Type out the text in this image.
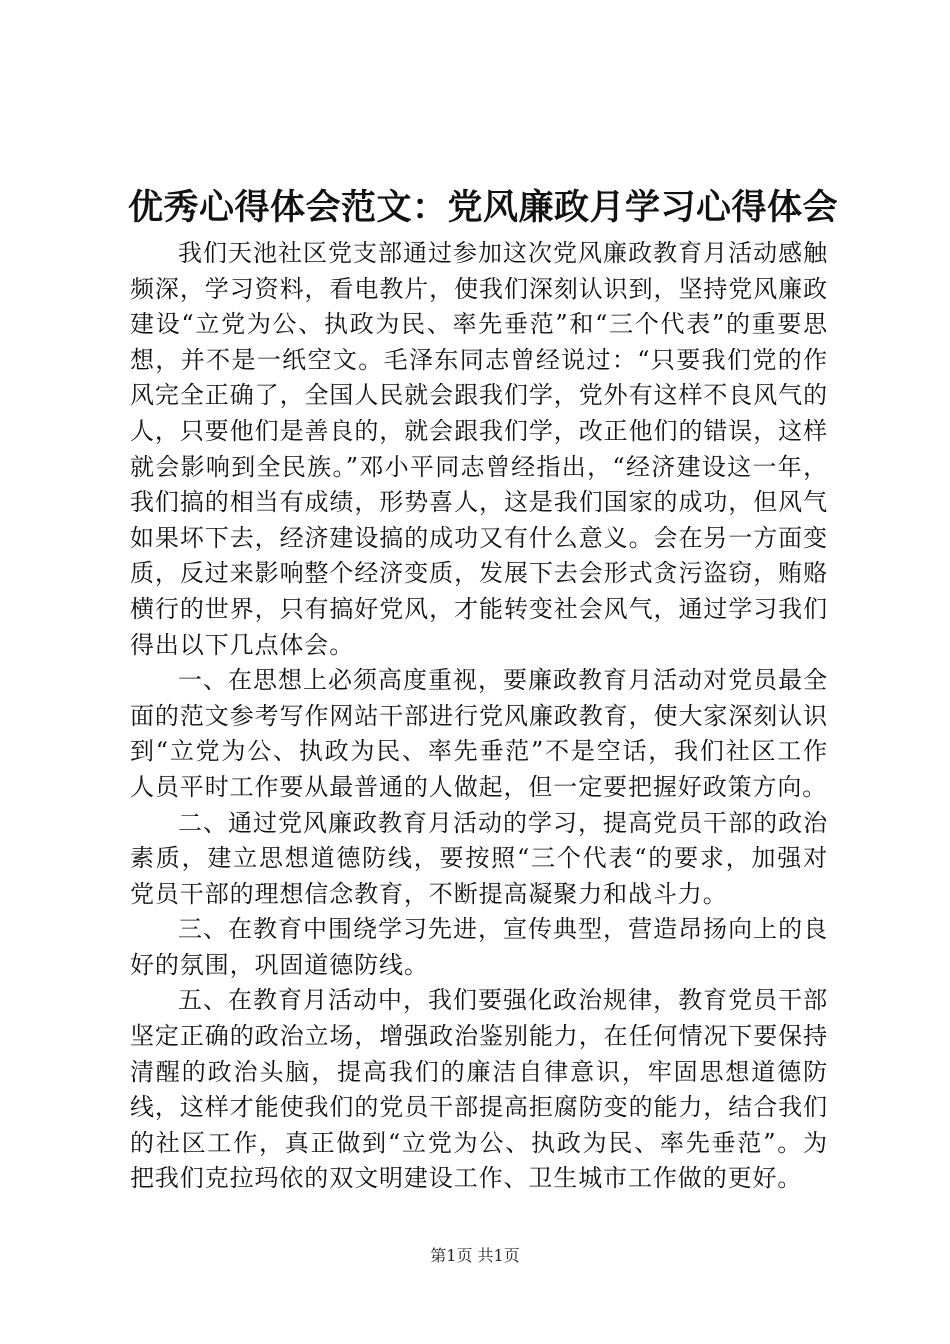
优秀心得体会范文：党风廉政月学习心得体会

我们天池社区党支部通过参加这次党风廉政教育月活动感触频深，学习资料，看电教片，使我们深刻认识到，坚持党风廉政建设“立党为公、执政为民、率先垂范”和“三个代表”的重要思想，并不是一纸空文。毛泽东同志曾经说过：“只要我们党的作风完全正确了，全国人民就会跟我们学，党外有这样不良风气的人，只要他们是善良的，就会跟我们学，改正他们的错误，这样就会影响到全民族。”邓小平同志曾经指出，“经济建设这一年，我们搞的相当有成绩，形势喜人，这是我们国家的成功，但风气如果坏下去，经济建设搞的成功又有什么意义。会在另一方面变质，反过来影响整个经济变质，发展下去会形式贪污盗窃，贿赂横行的世界，只有搞好党风，才能转变社会风气，通过学习我们得出以下几点体会。

一、在思想上必须高度重视，要廉政教育月活动对党员最全面的范文参考写作网站干部进行党风廉政教育，使大家深刻认识到“立党为公、执政为民、率先垂范”不是空话，我们社区工作人员平时工作要从最普通的人做起，但一定要把握好政策方向。

二、通过党风廉政教育月活动的学习，提高党员干部的政治素质，建立思想道德防线，要按照“三个代表“的要求，加强对党员干部的理想信念教育，不断提高凝聚力和战斗力。

三、在教育中围绕学习先进，宣传典型，营造昂扬向上的良好的氛围，巩固道德防线。

五、在教育月活动中，我们要强化政治规律，教育党员干部坚定正确的政治立场，增强政治鉴别能力，在任何情况下要保持清醒的政治头脑，提高我们的廉洁自律意识，牢固思想道德防线，这样才能使我们的党员干部提高拒腐防变的能力，结合我们的社区工作，真正做到“立党为公、执政为民、率先垂范”。为把我们克拉玛依的双文明建设工作、卫生城市工作做的更好。

第1页 共1页
